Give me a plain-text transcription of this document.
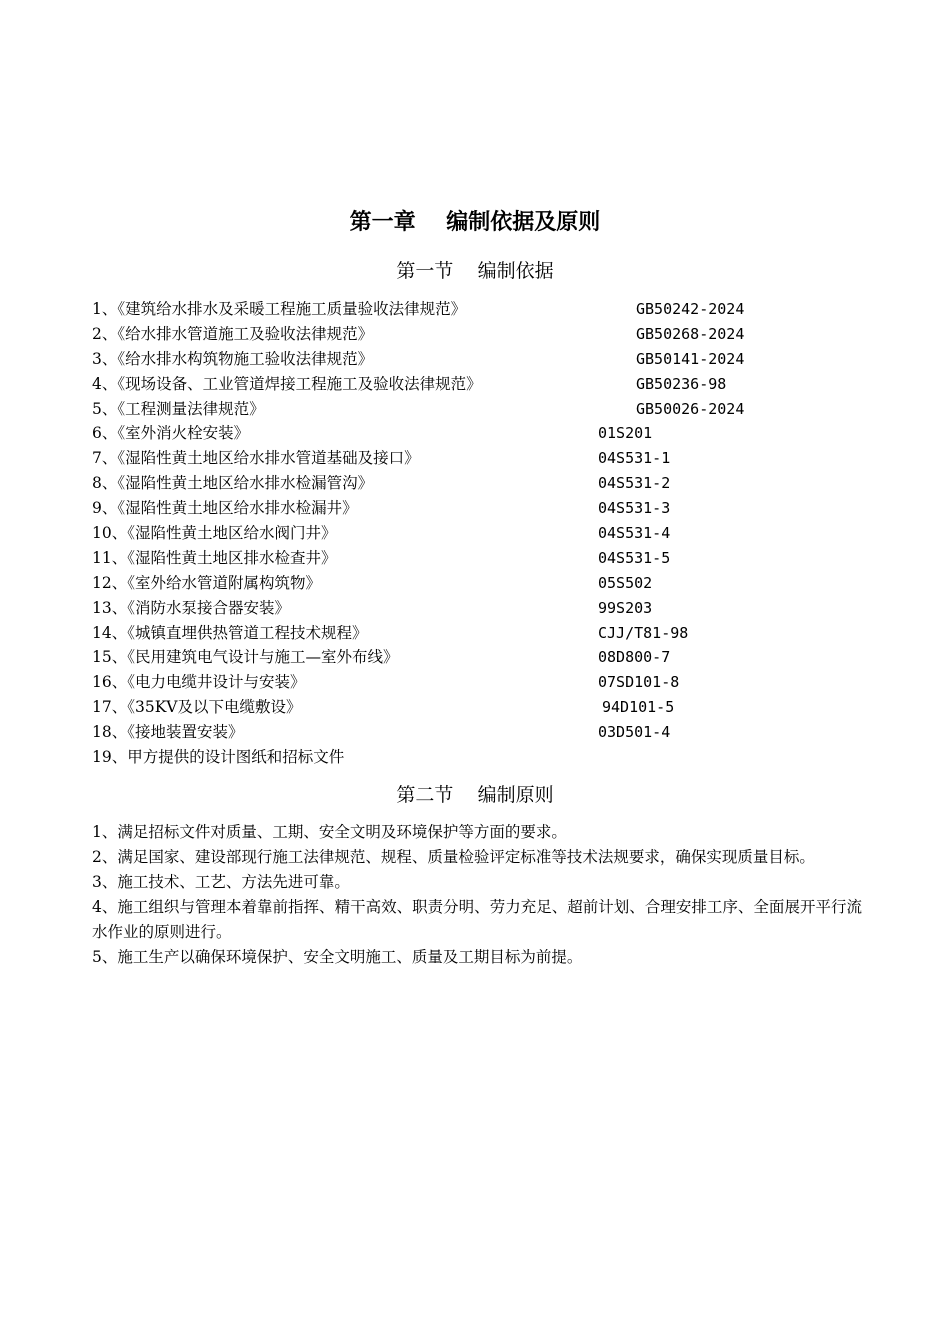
第一章    编制依据及原则
第一节    编制依据
1、《建筑给水排水及采暖工程施工质量验收法律规范》	GB50242-2024
2、《给水排水管道施工及验收法律规范》	GB50268-2024
3、《给水排水构筑物施工验收法律规范》	GB50141-2024
4、《现场设备、工业管道焊接工程施工及验收法律规范》	GB50236-98
5、《工程测量法律规范》	GB50026-2024
6、《室外消火栓安装》	01S201
7、《湿陷性黄土地区给水排水管道基础及接口》	04S531-1
8、《湿陷性黄土地区给水排水检漏管沟》	04S531-2
9、《湿陷性黄土地区给水排水检漏井》	04S531-3
10、《湿陷性黄土地区给水阀门井》	04S531-4
11、《湿陷性黄土地区排水检查井》	04S531-5
12、《室外给水管道附属构筑物》	05S502
13、《消防水泵接合器安装》	99S203
14、《城镇直埋供热管道工程技术规程》	CJJ/T81-98
15、《民用建筑电气设计与施工—室外布线》	08D800-7
16、《电力电缆井设计与安装》	07SD101-8
17、《35KV及以下电缆敷设》	94D101-5
18、《接地装置安装》	03D501-4
19、甲方提供的设计图纸和招标文件
第二节    编制原则

1、满足招标文件对质量、工期、安全文明及环境保护等方面的要求。

2、满足国家、建设部现行施工法律规范、规程、质量检验评定标准等技术法规要求，确保实现质量目标。

3、施工技术、工艺、方法先进可靠。

4、施工组织与管理本着靠前指挥、精干高效、职责分明、劳力充足、超前计划、合理安排工序、全面展开平行流水作业的原则进行。

5、施工生产以确保环境保护、安全文明施工、质量及工期目标为前提。
